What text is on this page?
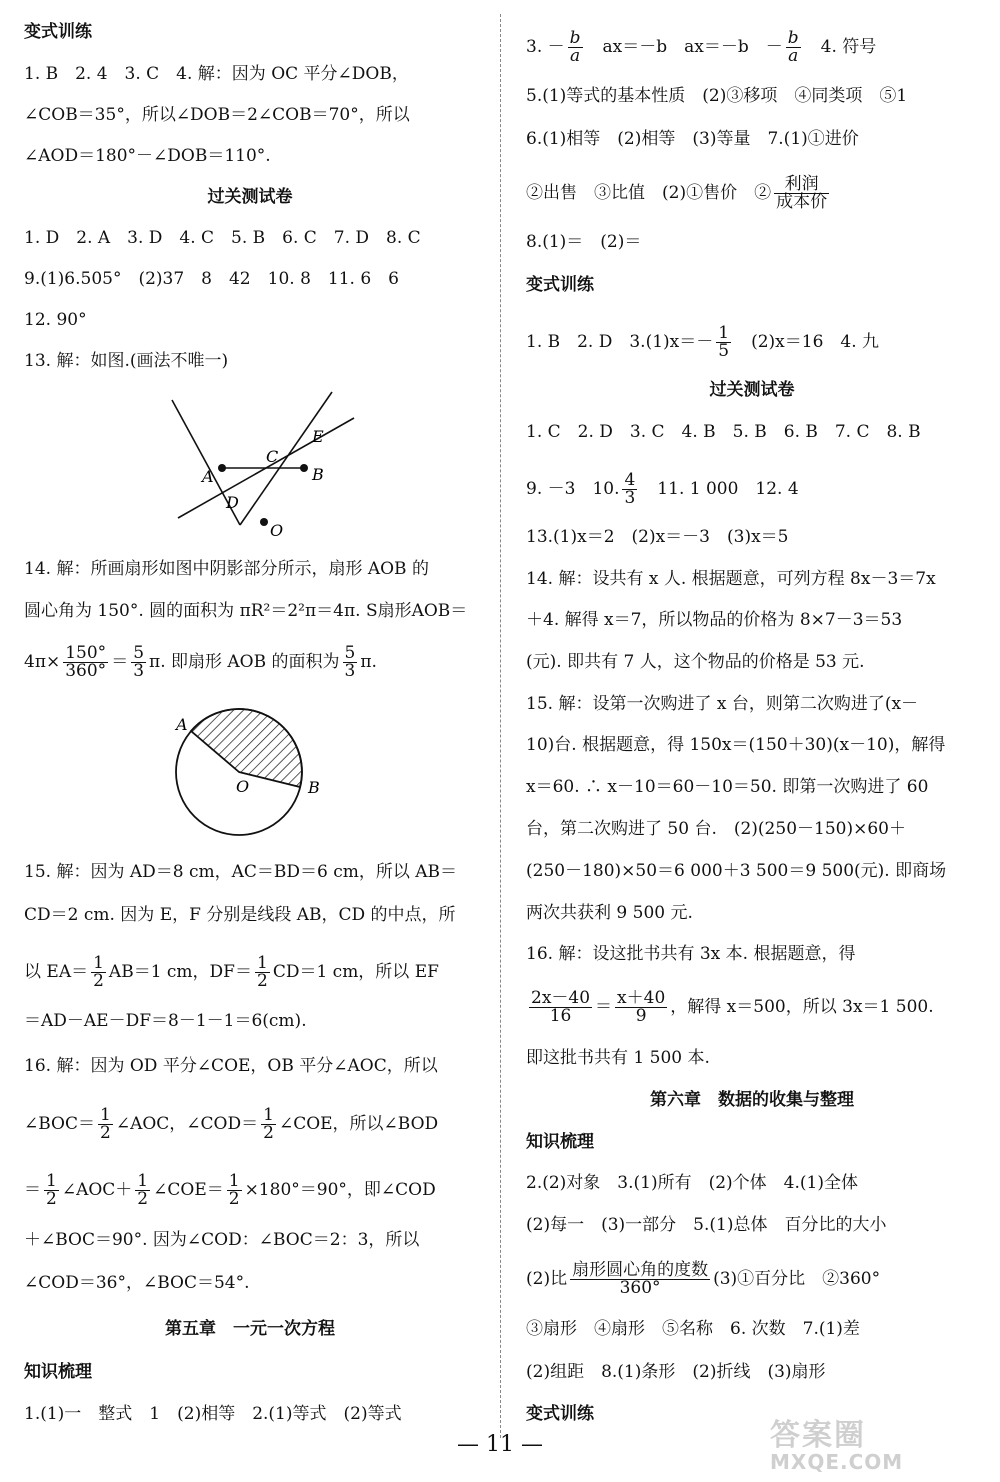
变式训练
1. B　2. 4　3. C　4. 解：因为 OC 平分∠DOB，
∠COB＝35°，所以∠DOB＝2∠COB＝70°，所以
∠AOD＝180°－∠DOB＝110°.
过关测试卷
1. D　2. A　3. D　4. C　5. B　6. C　7. D　8. C
9.(1)6.505°　(2)37　8　42　10. 8　11. 6　6
12. 90°
13. 解：如图.(画法不唯一)
A
C
B
E
D
O
14. 解：所画扇形如图中阴影部分所示，扇形 AOB 的
圆心角为 150°. 圆的面积为 πR²＝2²π＝4π. S扇形AOB＝
$4\pi\times \frac{150^\circ}{360^\circ} = \frac{5}{3} \pi$. 即扇形 AOB 的面积为 $\frac{5}{3} \pi$.
A
O	B
15. 解：因为 AD＝8 cm，AC＝BD＝6 cm，所以 AB＝
CD＝2 cm. 因为 E，F 分别是线段 AB，CD 的中点，所
以 $EA= \frac{1}{2} AB=1$ cm，$DF= \frac{1}{2} CD=1$ cm，所以 EF
＝AD－AE－DF＝8－1－1＝6(cm).
16. 解：因为 OD 平分∠COE，OB 平分∠AOC，所以
∠BOC＝ $\frac{1}{2}$ ∠AOC，∠COD＝ $\frac{1}{2}$ ∠COE，所以∠BOD
＝ $\frac{1}{2}$ ∠AOC＋ $\frac{1}{2}$ ∠COE＝ $\frac{1}{2} \times 180^\circ=90^\circ$，即∠COD
＋∠BOC＝90°. 因为∠COD：∠BOC＝2：3，所以
∠COD＝36°，∠BOC＝54°.
第五章　一元一次方程
知识梳理
1.(1)一　整式　1　(2)相等　2.(1)等式　(2)等式
3. － $\frac{b}{a}$ 　ax＝－b　ax＝－b　－ $\frac{b}{a}$ 　4. 符号
5.(1)等式的基本性质　(2)③移项　④同类项　⑤1
6.(1)相等　(2)相等　(3)等量　7.(1)①进价
②出售　③比值　(2)①售价　② $\frac{\text{利润}}{\text{成本价}}$
8.(1)＝　(2)＝
变式训练
1. B　2. D　$3.(1)x=- \frac{1}{5}$ 　(2)x＝16　4. 九
过关测试卷
1. C　2. D　3. C　4. B　5. B　6. B　7. C　8. B
9. －3　10. $\frac{4}{3}$ 　11. 1 000　12. 4
13.(1)x＝2　(2)x＝－3　(3)x＝5
14. 解：设共有 x 人. 根据题意，可列方程 8x－3＝7x
＋4. 解得 x＝7，所以物品的价格为 8×7－3＝53
(元). 即共有 7 人，这个物品的价格是 53 元.
15. 解：设第一次购进了 x 台，则第二次购进了(x－
10)台. 根据题意，得 150x＝(150＋30)(x－10)，解得
x＝60. ∴ x－10＝60－10＝50. 即第一次购进了 60
台，第二次购进了 50 台.　(2)(250－150)×60＋
(250－180)×50＝6 000＋3 500＝9 500(元). 即商场
两次共获利 9 500 元.
16. 解：设这批书共有 3x 本. 根据题意，得
$\frac{2x-40}{16} = \frac{x+40}{9}$ ，解得 x＝500，所以 3x＝1 500.
即这批书共有 1 500 本.
第六章　数据的收集与整理
知识梳理
2.(2)对象　3.(1)所有　(2)个体　4.(1)全体
(2)每一　(3)一部分　5.(1)总体　百分比的大小
(2)比 $\frac{\text{扇形圆心角的度数}}{360^\circ}$ (3)①百分比　②360°
③扇形　④扇形　⑤名称　6. 次数　7.(1)差
(2)组距　8.(1)条形　(2)折线　(3)扇形
变式训练
— 11 —	答案圈
MXQE.COM
